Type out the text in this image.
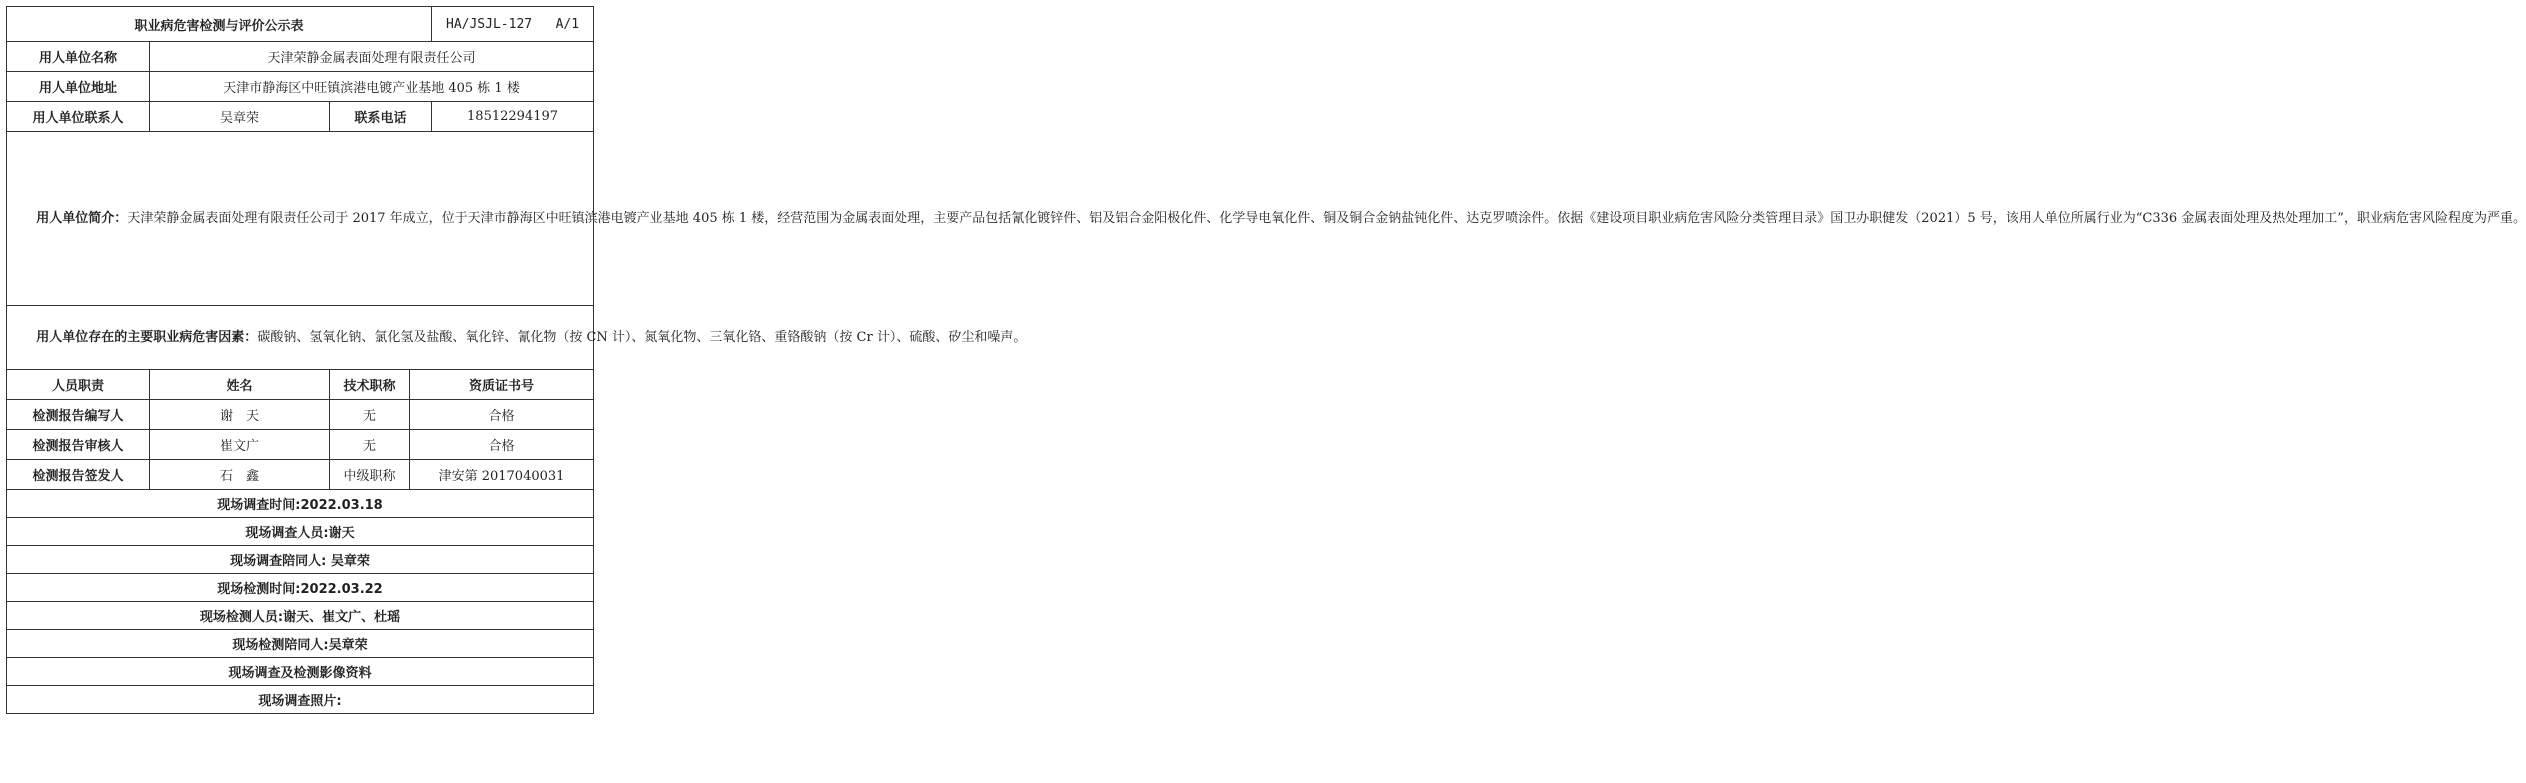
职业病危害检测与评价公示表				HA/JSJL-127 A/1
用人单位名称	天津荣静金属表面处理有限责任公司			
用人单位地址	天津市静海区中旺镇滨港电镀产业基地 405 栋 1 楼			
用人单位联系人	吴章荣	联系电话		18512294197
用人单位简介：天津荣静金属表面处理有限责任公司于 2017 年成立，位于天津市静海区中旺镇滨港电镀产业基地 405 栋 1 楼，经营范围为金属表面处理，主要产品包括氰化镀锌件、铝及铝合金阳极化件、化学导电氧化件、铜及铜合金钠盐钝化件、达克罗喷涂件。依据《建设项目职业病危害风险分类管理目录》国卫办职健发（2021）5 号，该用人单位所属行业为“C336 金属表面处理及热处理加工”，职业病危害风险程度为严重。				
用人单位存在的主要职业病危害因素：碳酸钠、氢氧化钠、氯化氢及盐酸、氧化锌、氰化物（按 CN 计）、氮氧化物、三氧化铬、重铬酸钠（按 Cr 计）、硫酸、矽尘和噪声。				
人员职责	姓名	技术职称	资质证书号	
检测报告编写人	谢　天	无	合格	
检测报告审核人	崔文广	无	合格	
检测报告签发人	石　鑫	中级职称	津安第 2017040031	
现场调查时间:2022.03.18				
现场调查人员:谢天				
现场调查陪同人: 吴章荣				
现场检测时间:2022.03.22				
现场检测人员:谢天、崔文广、杜瑶				
现场检测陪同人:吴章荣				
现场调查及检测影像资料				
现场调查照片:				
